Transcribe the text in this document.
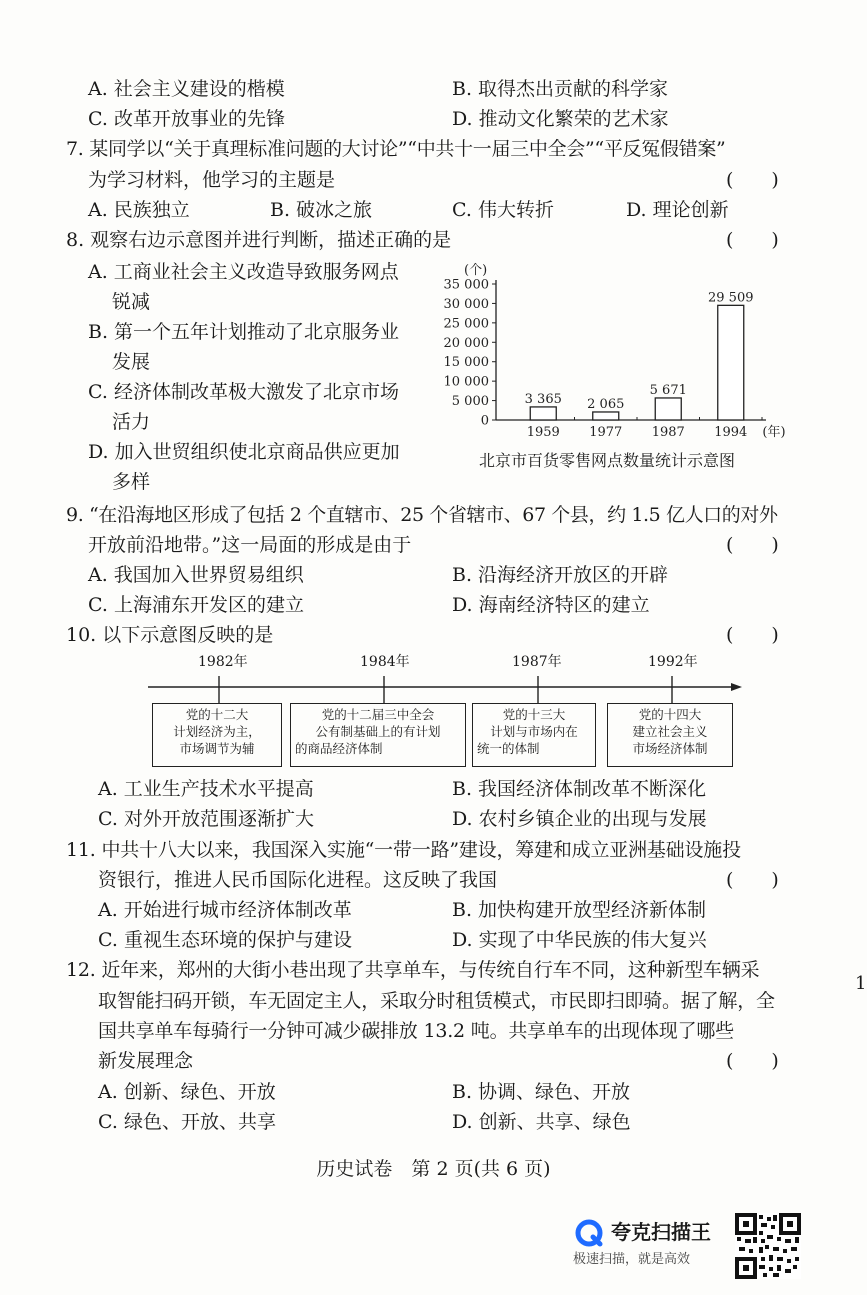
A. 社会主义建设的楷模	B. 取得杰出贡献的科学家
C. 改革开放事业的先锋	D. 推动文化繁荣的艺术家
7. 某同学以“关于真理标准问题的大讨论”“中共十一届三中全会”“平反冤假错案”
为学习材料，他学习的主题是	(　　)
A. 民族独立	B. 破冰之旅	C. 伟大转折	D. 理论创新
8. 观察右边示意图并进行判断，描述正确的是	(　　)
A. 工商业社会主义改造导致服务网点
锐减
B. 第一个五年计划推动了北京服务业
发展
C. 经济体制改革极大激发了北京市场
活力
D. 加入世贸组织使北京商品供应更加
多样
(个)
0
5 000
10 000
15 000
20 000
25 000
30 000
35 000
3 365
1959
2 065
1977
5 671
1987
29 509
1994 (年)
北京市百货零售网点数量统计示意图
9. “在沿海地区形成了包括 2 个直辖市、25 个省辖市、67 个县，约 1.5 亿人口的对外
开放前沿地带。”这一局面的形成是由于	(　　)
A. 我国加入世界贸易组织	B. 沿海经济开放区的开辟
C. 上海浦东开发区的建立	D. 海南经济特区的建立
10. 以下示意图反映的是	(　　)
1982年	1984年	1987年	1992年
党的十二大
计划经济为主，
市场调节为辅
党的十二届三中全会
公有制基础上的有计划
的商品经济体制
党的十三大
计划与市场内在
统一的体制
党的十四大
建立社会主义
市场经济体制
A. 工业生产技术水平提高	B. 我国经济体制改革不断深化
C. 对外开放范围逐渐扩大	D. 农村乡镇企业的出现与发展
11. 中共十八大以来，我国深入实施“一带一路”建设，筹建和成立亚洲基础设施投
资银行，推进人民币国际化进程。这反映了我国	(　　)
A. 开始进行城市经济体制改革	B. 加快构建开放型经济新体制
C. 重视生态环境的保护与建设	D. 实现了中华民族的伟大复兴
12. 近年来，郑州的大街小巷出现了共享单车，与传统自行车不同，这种新型车辆采
取智能扫码开锁，车无固定主人，采取分时租赁模式，市民即扫即骑。据了解，全
国共享单车每骑行一分钟可减少碳排放 13.2 吨。共享单车的出现体现了哪些
新发展理念	(　　)
A. 创新、绿色、开放	B. 协调、绿色、开放
C. 绿色、开放、共享	D. 创新、共享、绿色
1
历史试卷　第 2 页(共 6 页)
夸克扫描王
极速扫描，就是高效
